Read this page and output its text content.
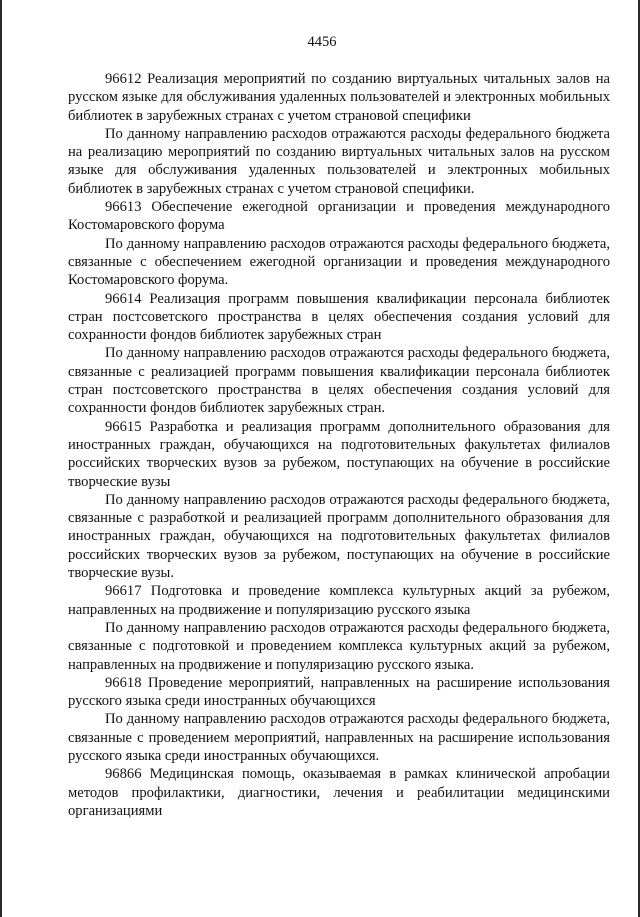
4456

96612 Реализация мероприятий по созданию виртуальных читальных залов на русском языке для обслуживания удаленных пользователей и электронных мобильных библиотек в зарубежных странах с учетом страновой специфики

По данному направлению расходов отражаются расходы федерального бюджета на реализацию мероприятий по созданию виртуальных читальных залов на русском языке для обслуживания удаленных пользователей и электронных мобильных библиотек в зарубежных странах с учетом страновой специфики.

96613 Обеспечение ежегодной организации и проведения международного Костомаровского форума

По данному направлению расходов отражаются расходы федерального бюджета, связанные с обеспечением ежегодной организации и проведения международного Костомаровского форума.

96614 Реализация программ повышения квалификации персонала библиотек стран постсоветского пространства в целях обеспечения создания условий для сохранности фондов библиотек зарубежных стран

По данному направлению расходов отражаются расходы федерального бюджета, связанные с реализацией программ повышения квалификации персонала библиотек стран постсоветского пространства в целях обеспечения создания условий для сохранности фондов библиотек зарубежных стран.

96615 Разработка и реализация программ дополнительного образования для иностранных граждан, обучающихся на подготовительных факультетах филиалов российских творческих вузов за рубежом, поступающих на обучение в российские творческие вузы

По данному направлению расходов отражаются расходы федерального бюджета, связанные с разработкой и реализацией программ дополнительного образования для иностранных граждан, обучающихся на подготовительных факультетах филиалов российских творческих вузов за рубежом, поступающих на обучение в российские творческие вузы.

96617 Подготовка и проведение комплекса культурных акций за рубежом, направленных на продвижение и популяризацию русского языка

По данному направлению расходов отражаются расходы федерального бюджета, связанные с подготовкой и проведением комплекса культурных акций за рубежом, направленных на продвижение и популяризацию русского языка.

96618 Проведение мероприятий, направленных на расширение использования русского языка среди иностранных обучающихся

По данному направлению расходов отражаются расходы федерального бюджета, связанные с проведением мероприятий, направленных на расширение использования русского языка среди иностранных обучающихся.

96866 Медицинская помощь, оказываемая в рамках клинической апробации методов профилактики, диагностики, лечения и реабилитации медицинскими организациями
